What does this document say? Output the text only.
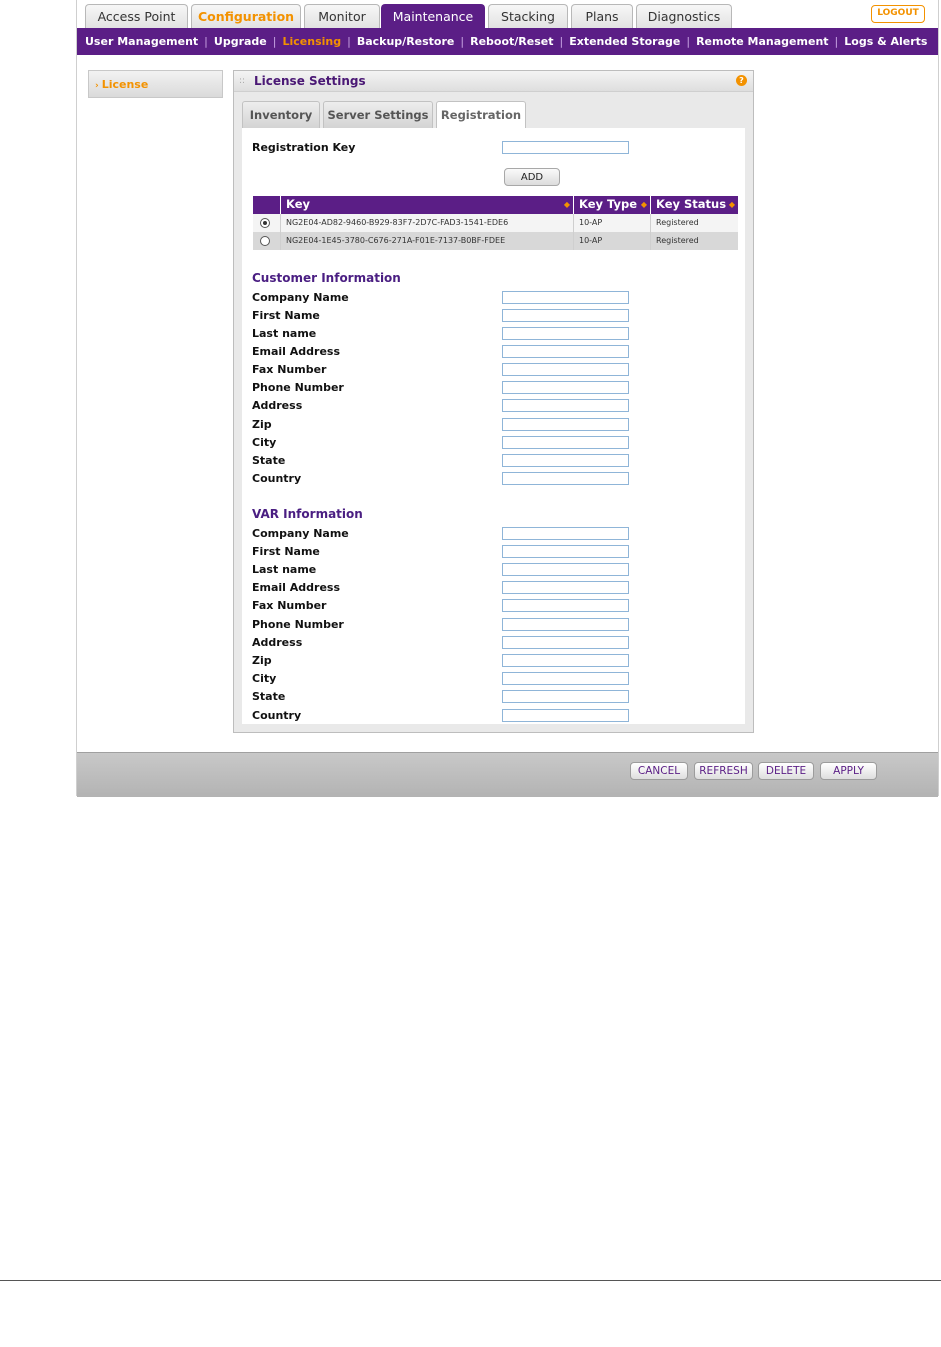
Access Point	Configuration	Monitor	Maintenance	Stacking	Plans	Diagnostics	LOGOUT
User Management | Upgrade | Licensing | Backup/Restore | Reboot/Reset | Extended Storage | Remote Management | Logs & Alerts
› License	:: License Settings	?
Inventory	Server Settings	Registration
Registration Key
ADD
Key	◆ Key Type ◆ Key Status ◆
NG2E04-AD82-9460-B929-83F7-2D7C-FAD3-1541-EDE6	10-AP	Registered
NG2E04-1E45-3780-C676-271A-F01E-7137-B0BF-FDEE	10-AP	Registered
Customer Information
Company Name
First Name
Last name
Email Address
Fax Number
Phone Number
Address
Zip
City
State
Country
VAR Information
Company Name
First Name
Last name
Email Address
Fax Number
Phone Number
Address
Zip
City
State
Country
CANCEL	REFRESH	DELETE	APPLY
